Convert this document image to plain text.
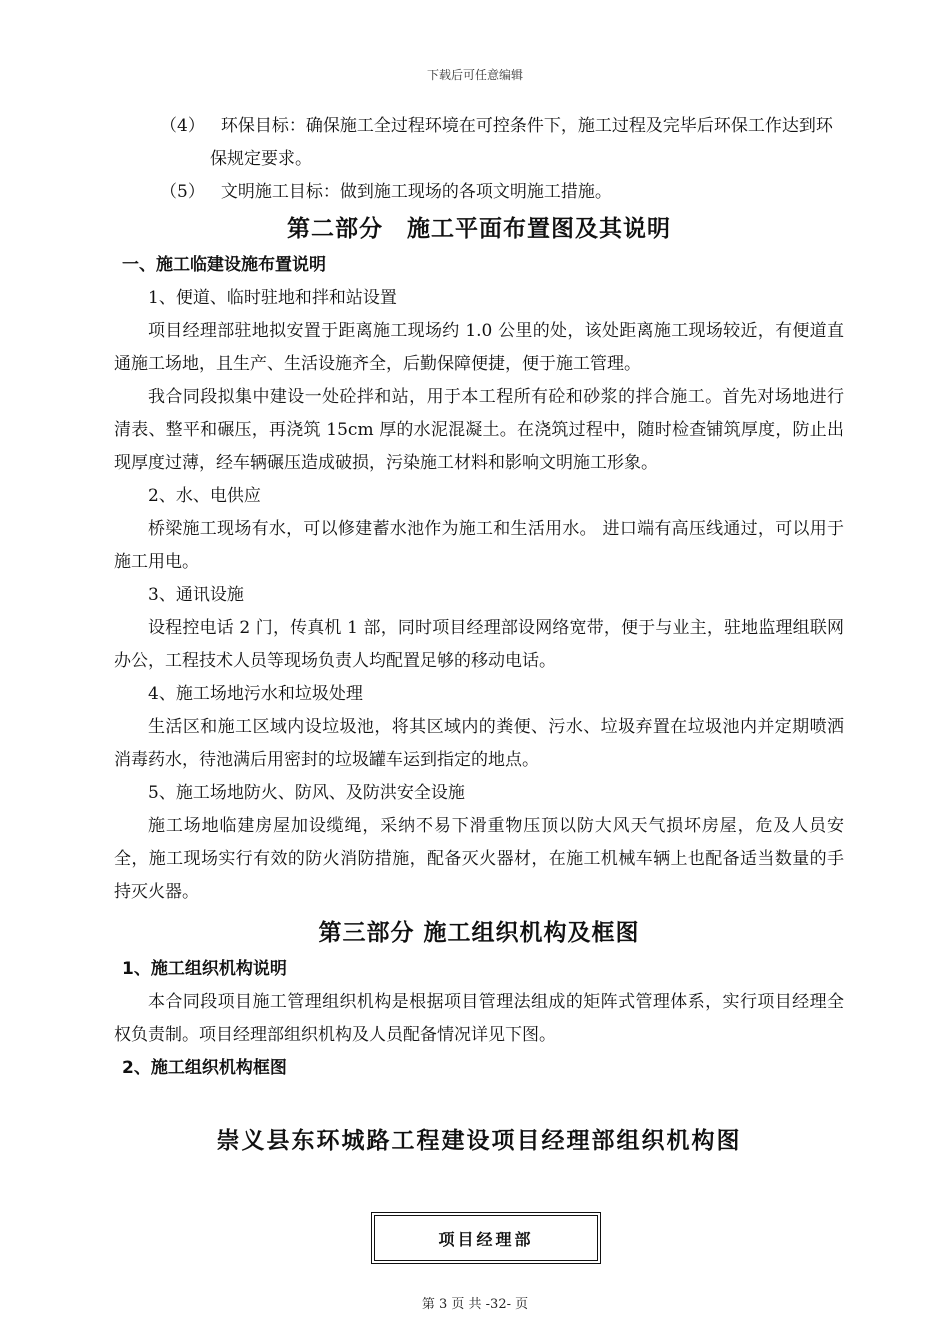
下载后可任意编辑

（4） 环保目标：确保施工全过程环境在可控条件下，施工过程及完毕后环保工作达到环保规定要求。

（5） 文明施工目标：做到施工现场的各项文明施工措施。

第二部分　施工平面布置图及其说明
一、施工临建设施布置说明

1、便道、临时驻地和拌和站设置

项目经理部驻地拟安置于距离施工现场约 1.0 公里的处，该处距离施工现场较近，有便道直通施工场地，且生产、生活设施齐全，后勤保障便捷，便于施工管理。

我合同段拟集中建设一处砼拌和站，用于本工程所有砼和砂浆的拌合施工。首先对场地进行清表、整平和碾压，再浇筑 15cm 厚的水泥混凝土。在浇筑过程中，随时检查铺筑厚度，防止出现厚度过薄，经车辆碾压造成破损，污染施工材料和影响文明施工形象。

2、水、电供应

桥梁施工现场有水，可以修建蓄水池作为施工和生活用水。 进口端有高压线通过，可以用于施工用电。

3、通讯设施

设程控电话 2 门，传真机 1 部，同时项目经理部设网络宽带，便于与业主，驻地监理组联网办公，工程技术人员等现场负责人均配置足够的移动电话。

4、施工场地污水和垃圾处理

生活区和施工区域内设垃圾池，将其区域内的粪便、污水、垃圾弃置在垃圾池内并定期喷洒消毒药水，待池满后用密封的垃圾罐车运到指定的地点。

5、施工场地防火、防风、及防洪安全设施

施工场地临建房屋加设缆绳，采纳不易下滑重物压顶以防大风天气损坏房屋，危及人员安全，施工现场实行有效的防火消防措施，配备灭火器材，在施工机械车辆上也配备适当数量的手持灭火器。

第三部分 施工组织机构及框图
1、施工组织机构说明

本合同段项目施工管理组织机构是根据项目管理法组成的矩阵式管理体系，实行项目经理全权负责制。项目经理部组织机构及人员配备情况详见下图。

2、施工组织机构框图
崇义县东环城路工程建设项目经理部组织机构图
项目经理部
第 3 页 共 -32- 页
